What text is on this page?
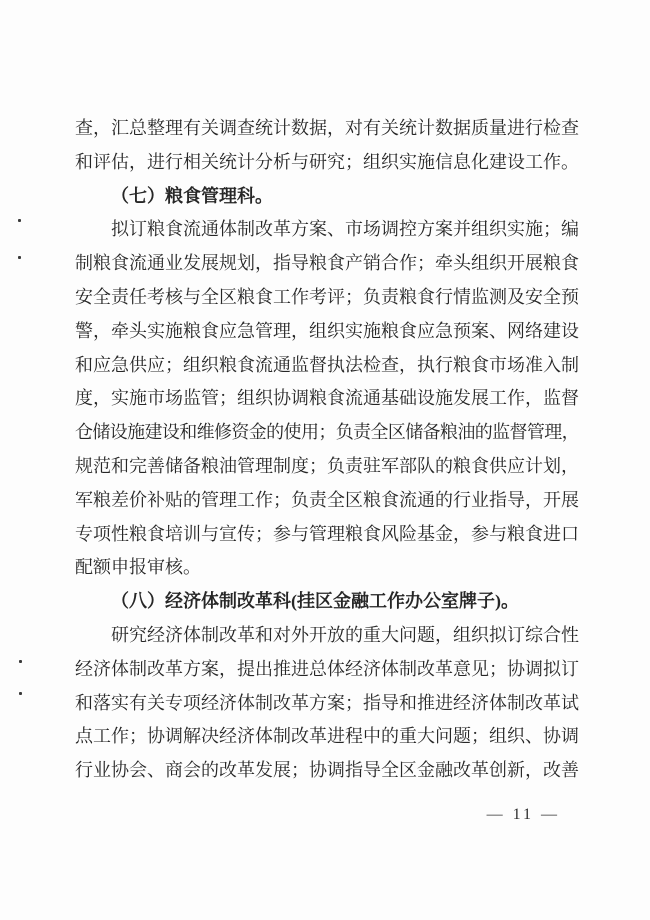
查，汇总整理有关调查统计数据，对有关统计数据质量进行检查
和评估，进行相关统计分析与研究；组织实施信息化建设工作。
（七）粮食管理科。
拟订粮食流通体制改革方案、市场调控方案并组织实施；编
制粮食流通业发展规划，指导粮食产销合作；牵头组织开展粮食
安全责任考核与全区粮食工作考评；负责粮食行情监测及安全预
警，牵头实施粮食应急管理，组织实施粮食应急预案、网络建设
和应急供应；组织粮食流通监督执法检查，执行粮食市场准入制
度，实施市场监管；组织协调粮食流通基础设施发展工作，监督
仓储设施建设和维修资金的使用；负责全区储备粮油的监督管理，
规范和完善储备粮油管理制度；负责驻军部队的粮食供应计划，
军粮差价补贴的管理工作；负责全区粮食流通的行业指导，开展
专项性粮食培训与宣传；参与管理粮食风险基金，参与粮食进口
配额申报审核。
（八）经济体制改革科(挂区金融工作办公室牌子)。
研究经济体制改革和对外开放的重大问题，组织拟订综合性
经济体制改革方案，提出推进总体经济体制改革意见；协调拟订
和落实有关专项经济体制改革方案；指导和推进经济体制改革试
点工作；协调解决经济体制改革进程中的重大问题；组织、协调
行业协会、商会的改革发展；协调指导全区金融改革创新，改善
— 11 —
